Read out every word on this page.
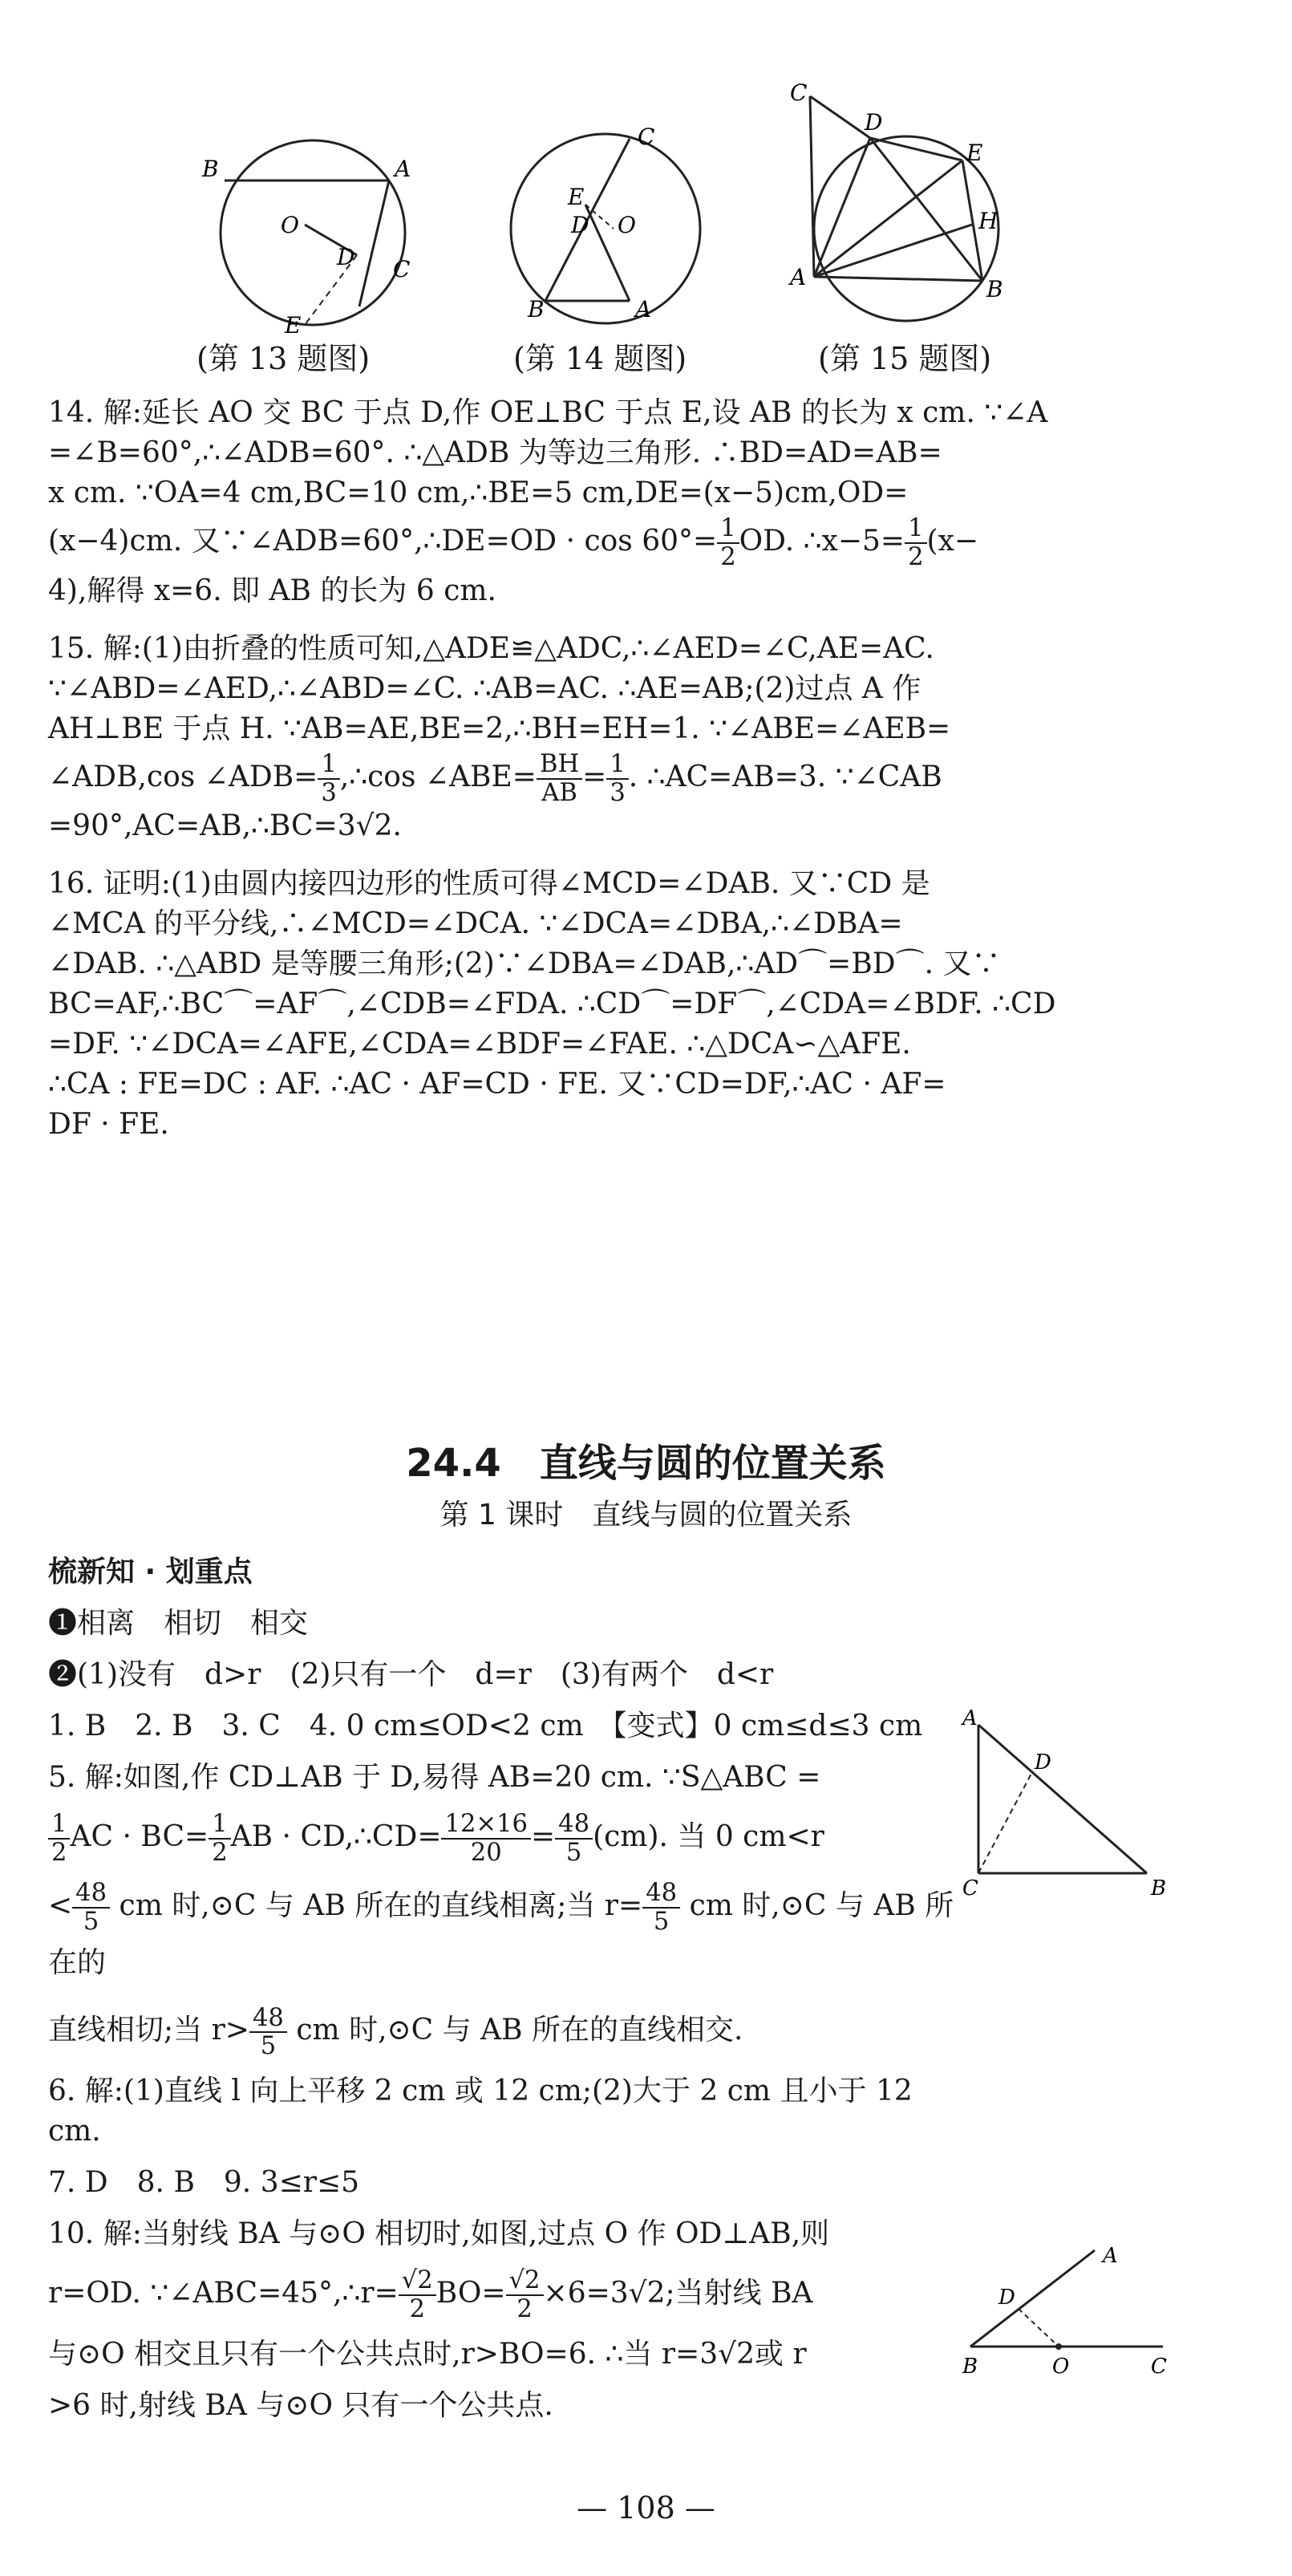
B	A
O
D C
E
(第 13 题图)
C
E
D O
B	A
(第 14 题图)
C
D
E
H
A	B
(第 15 题图)
14. 解:延长 AO 交 BC 于点 D,作 OE⊥BC 于点 E,设 AB 的长为 x cm. ∵∠A
=∠B=60°,∴∠ADB=60°. ∴△ADB 为等边三角形. ∴BD=AD=AB=
x cm. ∵OA=4 cm,BC=10 cm,∴BE=5 cm,DE=(x−5)cm,OD=
(x−4)cm. 又∵∠ADB=60°,∴DE=OD · $\cos 60^\circ= \frac{1}{2}$ OD. ∴x−5= $\frac{1}{2} (x-$
4),解得 x=6. 即 AB 的长为 6 cm.
15. 解:(1)由折叠的性质可知,△ADE≌△ADC,∴∠AED=∠C,AE=AC.
∵∠ABD=∠AED,∴∠ABD=∠C. ∴AB=AC. ∴AE=AB;(2)过点 A 作
AH⊥BE 于点 H. ∵AB=AE,BE=2,∴BH=EH=1. ∵∠ABE=∠AEB=
∠ADB,cos ∠ADB= $\frac{1}{3}$ ,∴cos ∠ABE= $\frac{BH}{AB} = \frac{1}{3}$ . ∴AC=AB=3. ∵∠CAB
=90°,AC=AB,∴BC=3√2.
16. 证明:(1)由圆内接四边形的性质可得∠MCD=∠DAB. 又∵CD 是
∠MCA 的平分线,∴∠MCD=∠DCA. ∵∠DCA=∠DBA,∴∠DBA=
∠DAB. ∴△ABD 是等腰三角形;(2)∵∠DBA=∠DAB,∴AD⌒=BD⌒. 又∵
BC=AF,∴BC⌒=AF⌒,∠CDB=∠FDA. ∴CD⌒=DF⌒,∠CDA=∠BDF. ∴CD
=DF. ∵∠DCA=∠AFE,∠CDA=∠BDF=∠FAE. ∴△DCA∽△AFE.
∴CA : FE=DC : AF. ∴AC · AF=CD · FE. 又∵CD=DF,∴AC · AF=
DF · FE.
24.4　直线与圆的位置关系
第 1 课时　直线与圆的位置关系

梳新知 · 划重点

❶相离　相切　相交

❷(1)没有　d>r　(2)只有一个　d=r　(3)有两个　d<r

1. B　2. B　3. C　4. 0 cm≤OD<2 cm　【变式】0 cm≤d≤3 cm

5. 解:如图,作 CD⊥AB 于 D,易得 AB=20 cm. ∵S△ABC =

$\frac{1}{2}$ AC · $BC= \frac{1}{2}$ AB · CD,∴CD= $\frac{12\times 16}{20} = \frac{48}{5} (cm)$. 当 0 cm<r

< $\frac{48}{5}$ cm 时,⊙C 与 AB 所在的直线相离;当 $r= \frac{48}{5}$ cm 时,⊙C 与 AB 所在的

直线相切;当 $r> \frac{48}{5}$ cm 时,⊙C 与 AB 所在的直线相交.

6. 解:(1)直线 l 向上平移 2 cm 或 12 cm;(2)大于 2 cm 且小于 12 cm.

7. D　8. B　9. 3≤r≤5

10. 解:当射线 BA 与⊙O 相切时,如图,过点 O 作 OD⊥AB,则

r=OD. ∵∠ABC=45°,∴r= $\frac{√2}{2} BO= \frac{√2}{2} \times 6=3√2$;当射线 BA

与⊙O 相交且只有一个公共点时,r>BO=6. ∴当 r=3√2或 r

>6 时,射线 BA 与⊙O 只有一个公共点.

A
D
C	B
A
D
B	O	C
— 108 —
